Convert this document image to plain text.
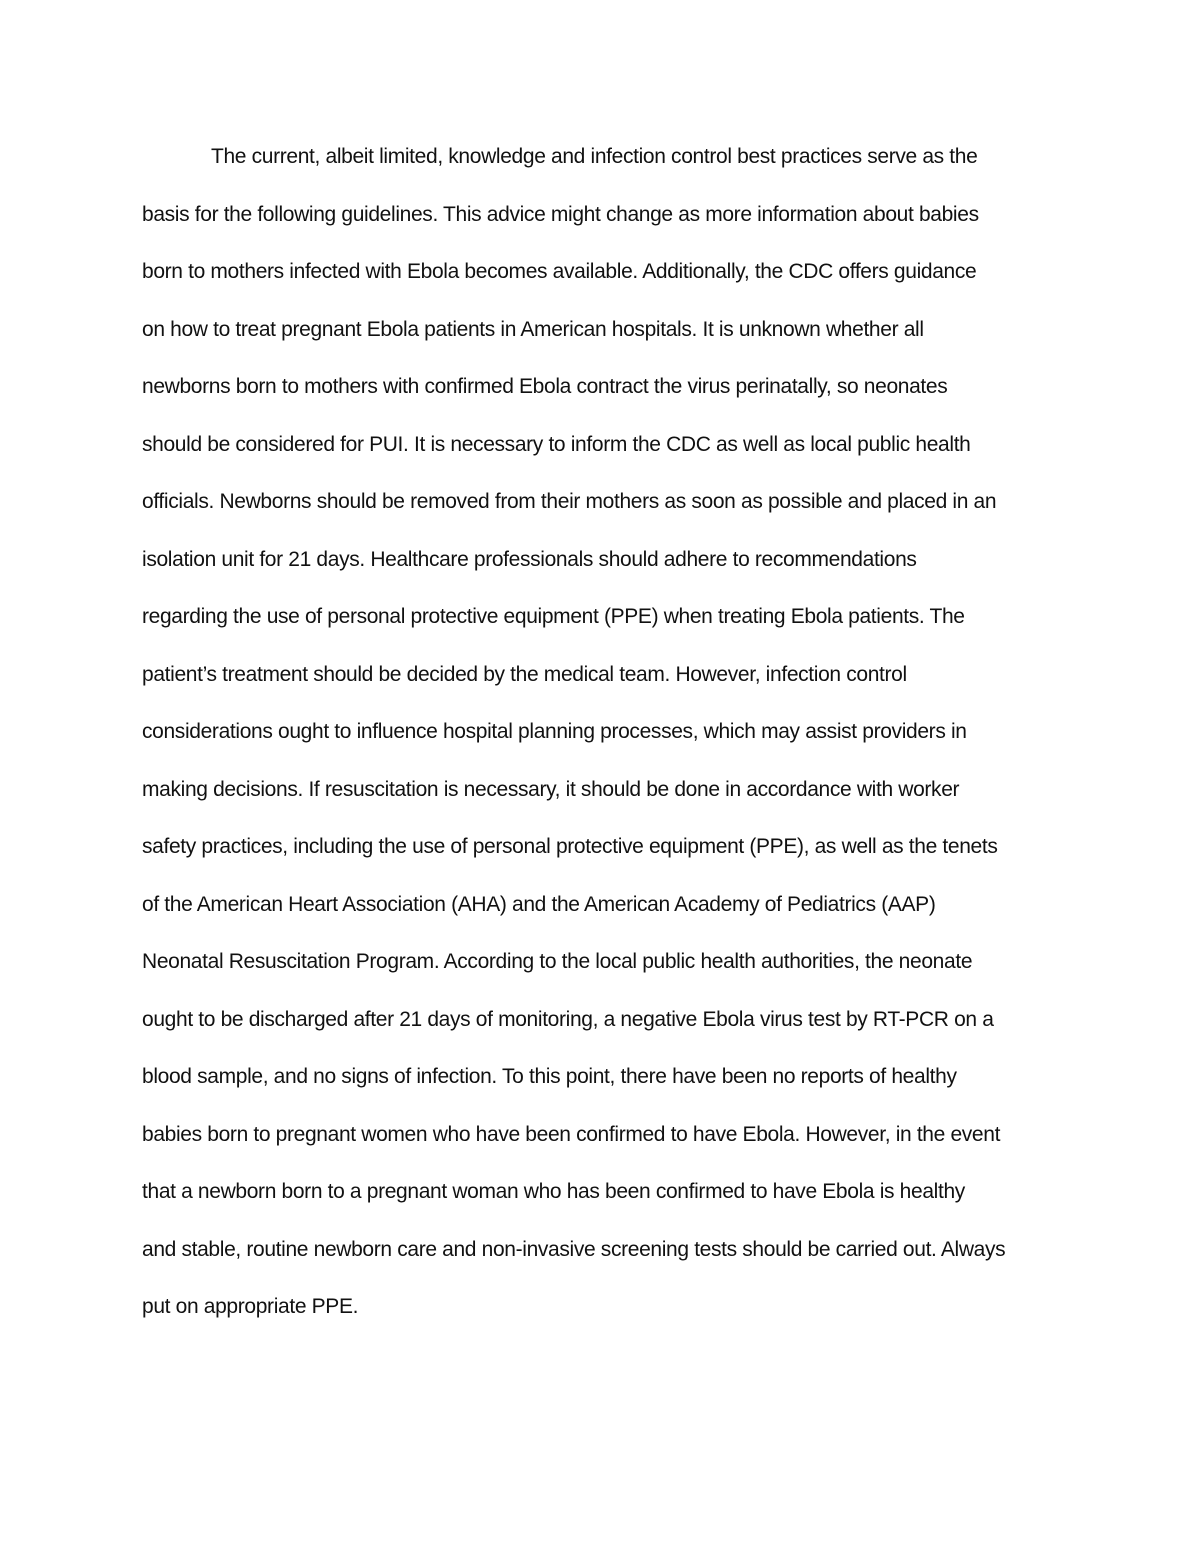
The current, albeit limited, knowledge and infection control best practices serve as the
basis for the following guidelines. This advice might change as more information about babies
born to mothers infected with Ebola becomes available. Additionally, the CDC offers guidance
on how to treat pregnant Ebola patients in American hospitals. It is unknown whether all
newborns born to mothers with confirmed Ebola contract the virus perinatally, so neonates
should be considered for PUI. It is necessary to inform the CDC as well as local public health
officials. Newborns should be removed from their mothers as soon as possible and placed in an
isolation unit for 21 days. Healthcare professionals should adhere to recommendations
regarding the use of personal protective equipment (PPE) when treating Ebola patients. The
patient’s treatment should be decided by the medical team. However, infection control
considerations ought to influence hospital planning processes, which may assist providers in
making decisions. If resuscitation is necessary, it should be done in accordance with worker
safety practices, including the use of personal protective equipment (PPE), as well as the tenets
of the American Heart Association (AHA) and the American Academy of Pediatrics (AAP)
Neonatal Resuscitation Program. According to the local public health authorities, the neonate
ought to be discharged after 21 days of monitoring, a negative Ebola virus test by RT-PCR on a
blood sample, and no signs of infection. To this point, there have been no reports of healthy
babies born to pregnant women who have been confirmed to have Ebola. However, in the event
that a newborn born to a pregnant woman who has been confirmed to have Ebola is healthy
and stable, routine newborn care and non-invasive screening tests should be carried out. Always
put on appropriate PPE.
